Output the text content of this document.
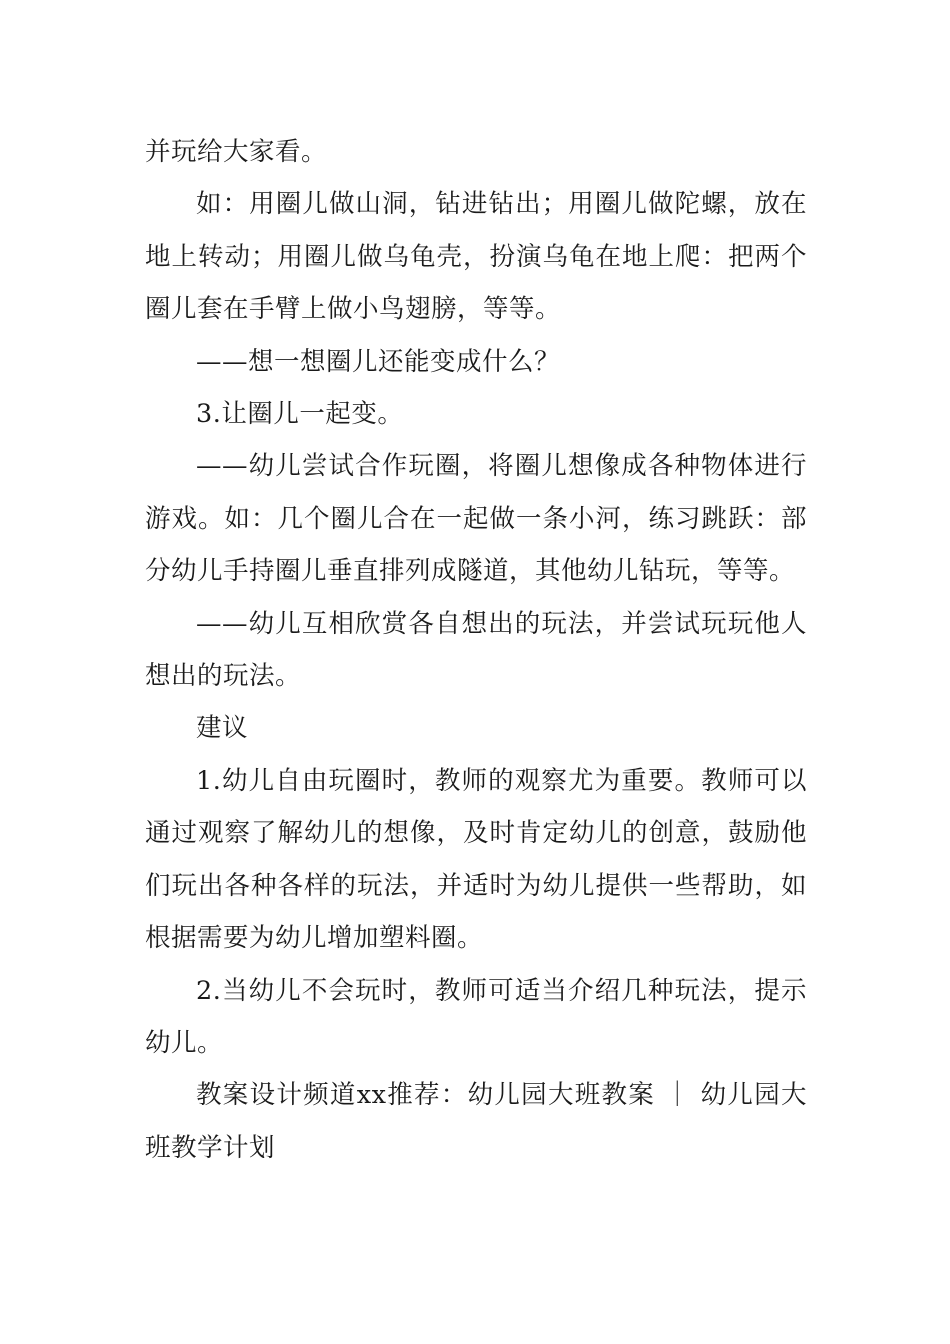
并玩给大家看。

如：用圈儿做山洞，钻进钻出；用圈儿做陀螺，放在地上转动；用圈儿做乌龟壳，扮演乌龟在地上爬：把两个圈儿套在手臂上做小鸟翅膀，等等。

——想一想圈儿还能变成什么？

3.让圈儿一起变。

——幼儿尝试合作玩圈，将圈儿想像成各种物体进行游戏。如：几个圈儿合在一起做一条小河，练习跳跃：部分幼儿手持圈儿垂直排列成隧道，其他幼儿钻玩，等等。

——幼儿互相欣赏各自想出的玩法，并尝试玩玩他人想出的玩法。

建议

1.幼儿自由玩圈时，教师的观察尤为重要。教师可以通过观察了解幼儿的想像，及时肯定幼儿的创意，鼓励他们玩出各种各样的玩法，并适时为幼儿提供一些帮助，如根据需要为幼儿增加塑料圈。

2.当幼儿不会玩时，教师可适当介绍几种玩法，提示幼儿。

教案设计频道xx推荐：幼儿园大班教案 ｜ 幼儿园大班教学计划
